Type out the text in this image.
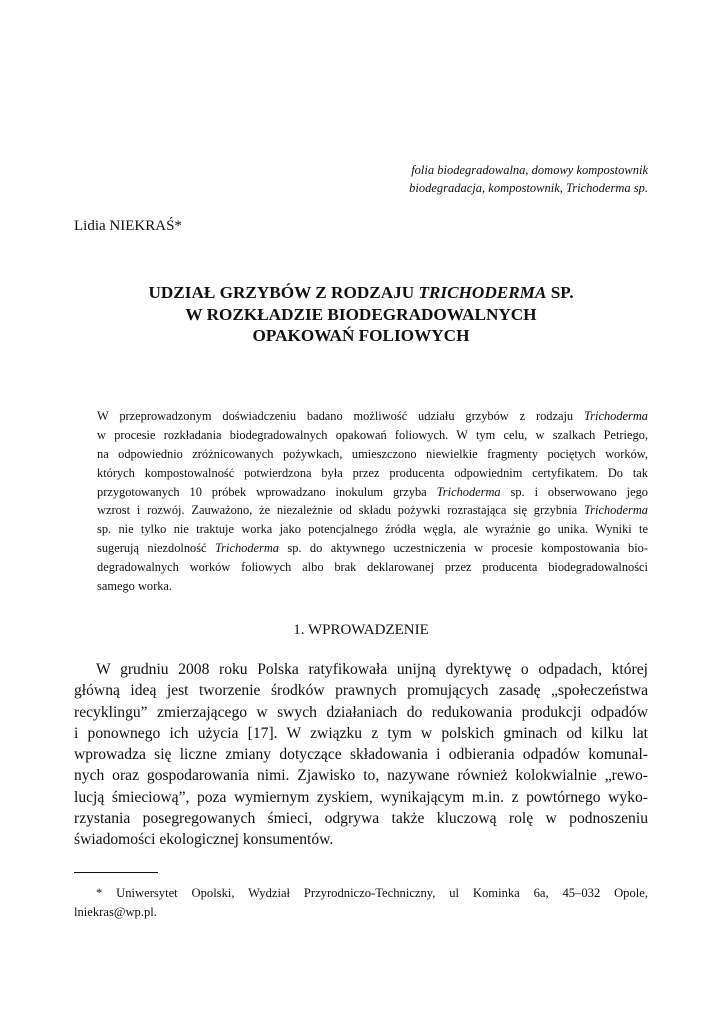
folia biodegradowalna, domowy kompostownik
biodegradacja, kompostownik, Trichoderma sp.
Lidia NIEKRAŚ*
UDZIAŁ GRZYBÓW Z RODZAJU TRICHODERMA SP.
W ROZKŁADZIE BIODEGRADOWALNYCH
OPAKOWAŃ FOLIOWYCH
W przeprowadzonym doświadczeniu badano możliwość udziału grzybów z rodzaju Trichoderma
w procesie rozkładania biodegradowalnych opakowań foliowych. W tym celu, w szalkach Petriego,
na odpowiednio zróżnicowanych pożywkach, umieszczono niewielkie fragmenty pociętych worków,
których kompostowalność potwierdzona była przez producenta odpowiednim certyfikatem. Do tak
przygotowanych 10 próbek wprowadzano inokulum grzyba Trichoderma sp. i obserwowano jego
wzrost i rozwój. Zauważono, że niezależnie od składu pożywki rozrastająca się grzybnia Trichoderma
sp. nie tylko nie traktuje worka jako potencjalnego źródła węgla, ale wyraźnie go unika. Wyniki te
sugerują niezdolność Trichoderma sp. do aktywnego uczestniczenia w procesie kompostowania bio-
degradowalnych worków foliowych albo brak deklarowanej przez producenta biodegradowalności
samego worka.
1. WPROWADZENIE
W grudniu 2008 roku Polska ratyfikowała unijną dyrektywę o odpadach, której
główną ideą jest tworzenie środków prawnych promujących zasadę „społeczeństwa
recyklingu” zmierzającego w swych działaniach do redukowania produkcji odpadów
i ponownego ich użycia [17]. W związku z tym w polskich gminach od kilku lat
wprowadza się liczne zmiany dotyczące składowania i odbierania odpadów komunal-
nych oraz gospodarowania nimi. Zjawisko to, nazywane również kolokwialnie „rewo-
lucją śmieciową”, poza wymiernym zyskiem, wynikającym m.in. z powtórnego wyko-
rzystania posegregowanych śmieci, odgrywa także kluczową rolę w podnoszeniu
świadomości ekologicznej konsumentów.
* Uniwersytet Opolski, Wydział Przyrodniczo-Techniczny, ul Kominka 6a, 45–032 Opole,
lniekras@wp.pl.
